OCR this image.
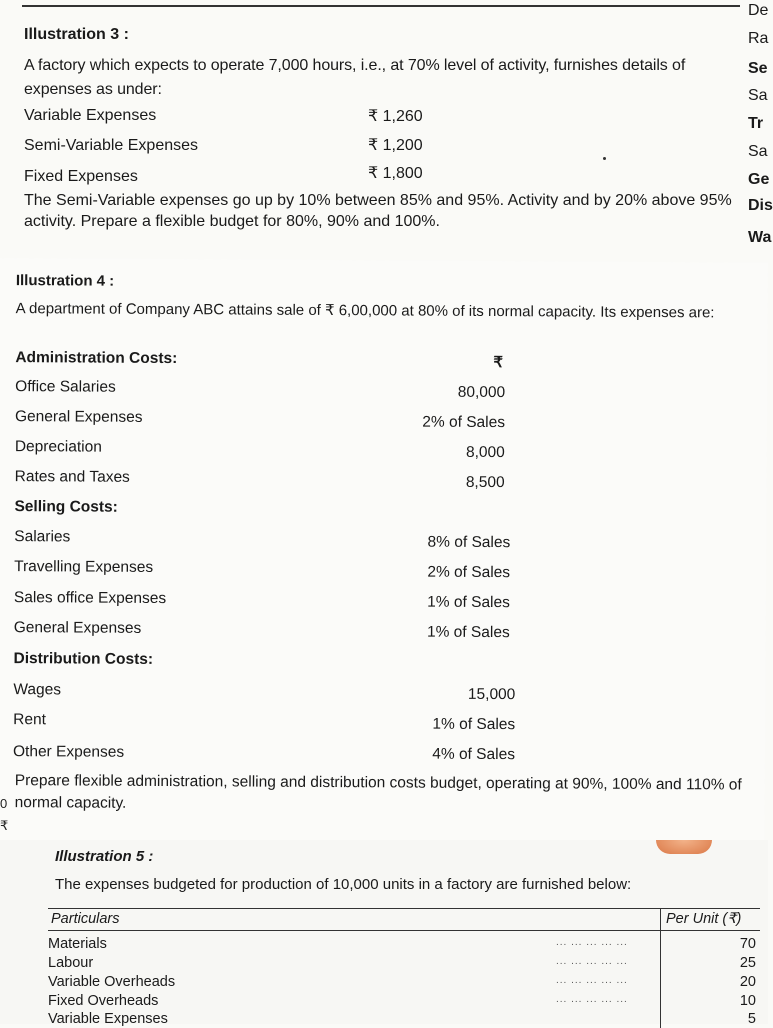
De
Ra
Se
Sa
Tr
Sa
Ge
Dis
Wa
Illustration 3 :
A factory which expects to operate 7,000 hours, i.e., at 70% level of activity, furnishes details of expenses as under:
Variable Expenses	₹ 1,260
Semi-Variable Expenses	₹ 1,200
Fixed Expenses	₹ 1,800
The Semi-Variable expenses go up by 10% between 85% and 95%. Activity and by 20% above 95% activity. Prepare a flexible budget for 80%, 90% and 100%.
Illustration 4 :
A department of Company ABC attains sale of ₹ 6,00,000 at 80% of its normal capacity. Its expenses are:
Administration Costs:	₹
Office Salaries	80,000
General Expenses	2% of Sales
Depreciation	8,000
Rates and Taxes	8,500
Selling Costs:
Salaries	8% of Sales
Travelling Expenses	2% of Sales
Sales office Expenses	1% of Sales
General Expenses	1% of Sales
Distribution Costs:
Wages	15,000
Rent	1% of Sales
Other Expenses	4% of Sales
Prepare flexible administration, selling and distribution costs budget, operating at 90%, 100% and 110% of normal capacity.
0
₹
Illustration 5 :
The expenses budgeted for production of 10,000 units in a factory are furnished below:
Particulars	Per Unit (₹)
Materials	... ... ... ... ...	70
Labour	... ... ... ... ...	25
Variable Overheads	... ... ... ... ...	20
Fixed Overheads	... ... ... ... ...	10
Variable Expenses	5
